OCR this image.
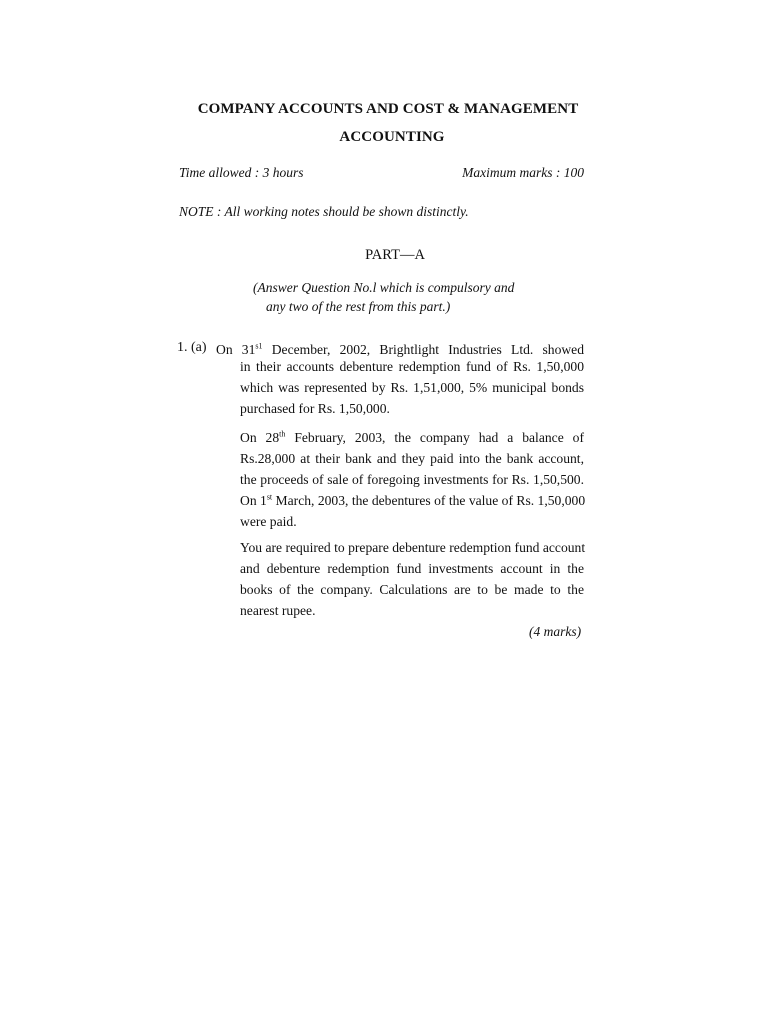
COMPANY ACCOUNTS AND COST & MANAGEMENT
ACCOUNTING
Time allowed : 3 hours	Maximum marks : 100
NOTE : All working notes should be shown distinctly.
PART—A
(Answer Question No.l which is compulsory and
any two of the rest from this part.)
1. (a) On $31^{s1}$ December, 2002, Brightlight Industries Ltd. showed
in their accounts debenture redemption fund of Rs. 1,50,000
which was represented by Rs. 1,51,000, 5% municipal bonds
purchased for Rs. 1,50,000.
On 28th February, 2003, the company had a balance of
Rs.28,000 at their bank and they paid into the bank account,
the proceeds of sale of foregoing investments for Rs. 1,50,500.
On 1st March, 2003, the debentures of the value of Rs. 1,50,000
were paid.
You are required to prepare debenture redemption fund account
and debenture redemption fund investments account in the
books of the company. Calculations are to be made to the
nearest rupee.
(4 marks)
